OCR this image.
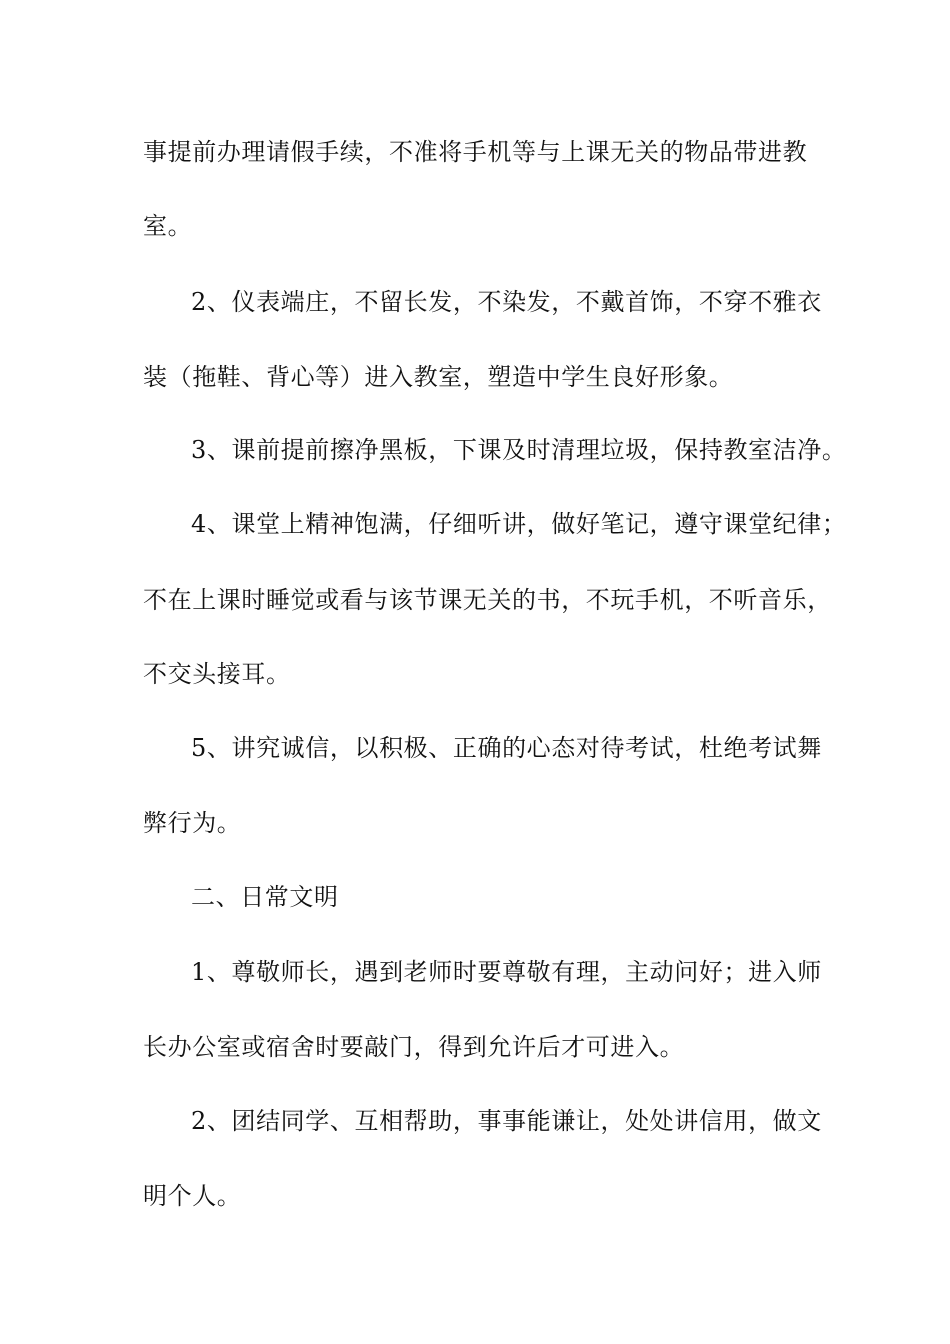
事提前办理请假手续，不准将手机等与上课无关的物品带进教
室。
2、仪表端庄，不留长发，不染发，不戴首饰，不穿不雅衣
装（拖鞋、背心等）进入教室，塑造中学生良好形象。
3、课前提前擦净黑板，下课及时清理垃圾，保持教室洁净。
4、课堂上精神饱满，仔细听讲，做好笔记，遵守课堂纪律；
不在上课时睡觉或看与该节课无关的书，不玩手机，不听音乐，
不交头接耳。
5、讲究诚信，以积极、正确的心态对待考试，杜绝考试舞
弊行为。
二、日常文明
1、尊敬师长，遇到老师时要尊敬有理，主动问好；进入师
长办公室或宿舍时要敲门，得到允许后才可进入。
2、团结同学、互相帮助，事事能谦让，处处讲信用，做文
明个人。
